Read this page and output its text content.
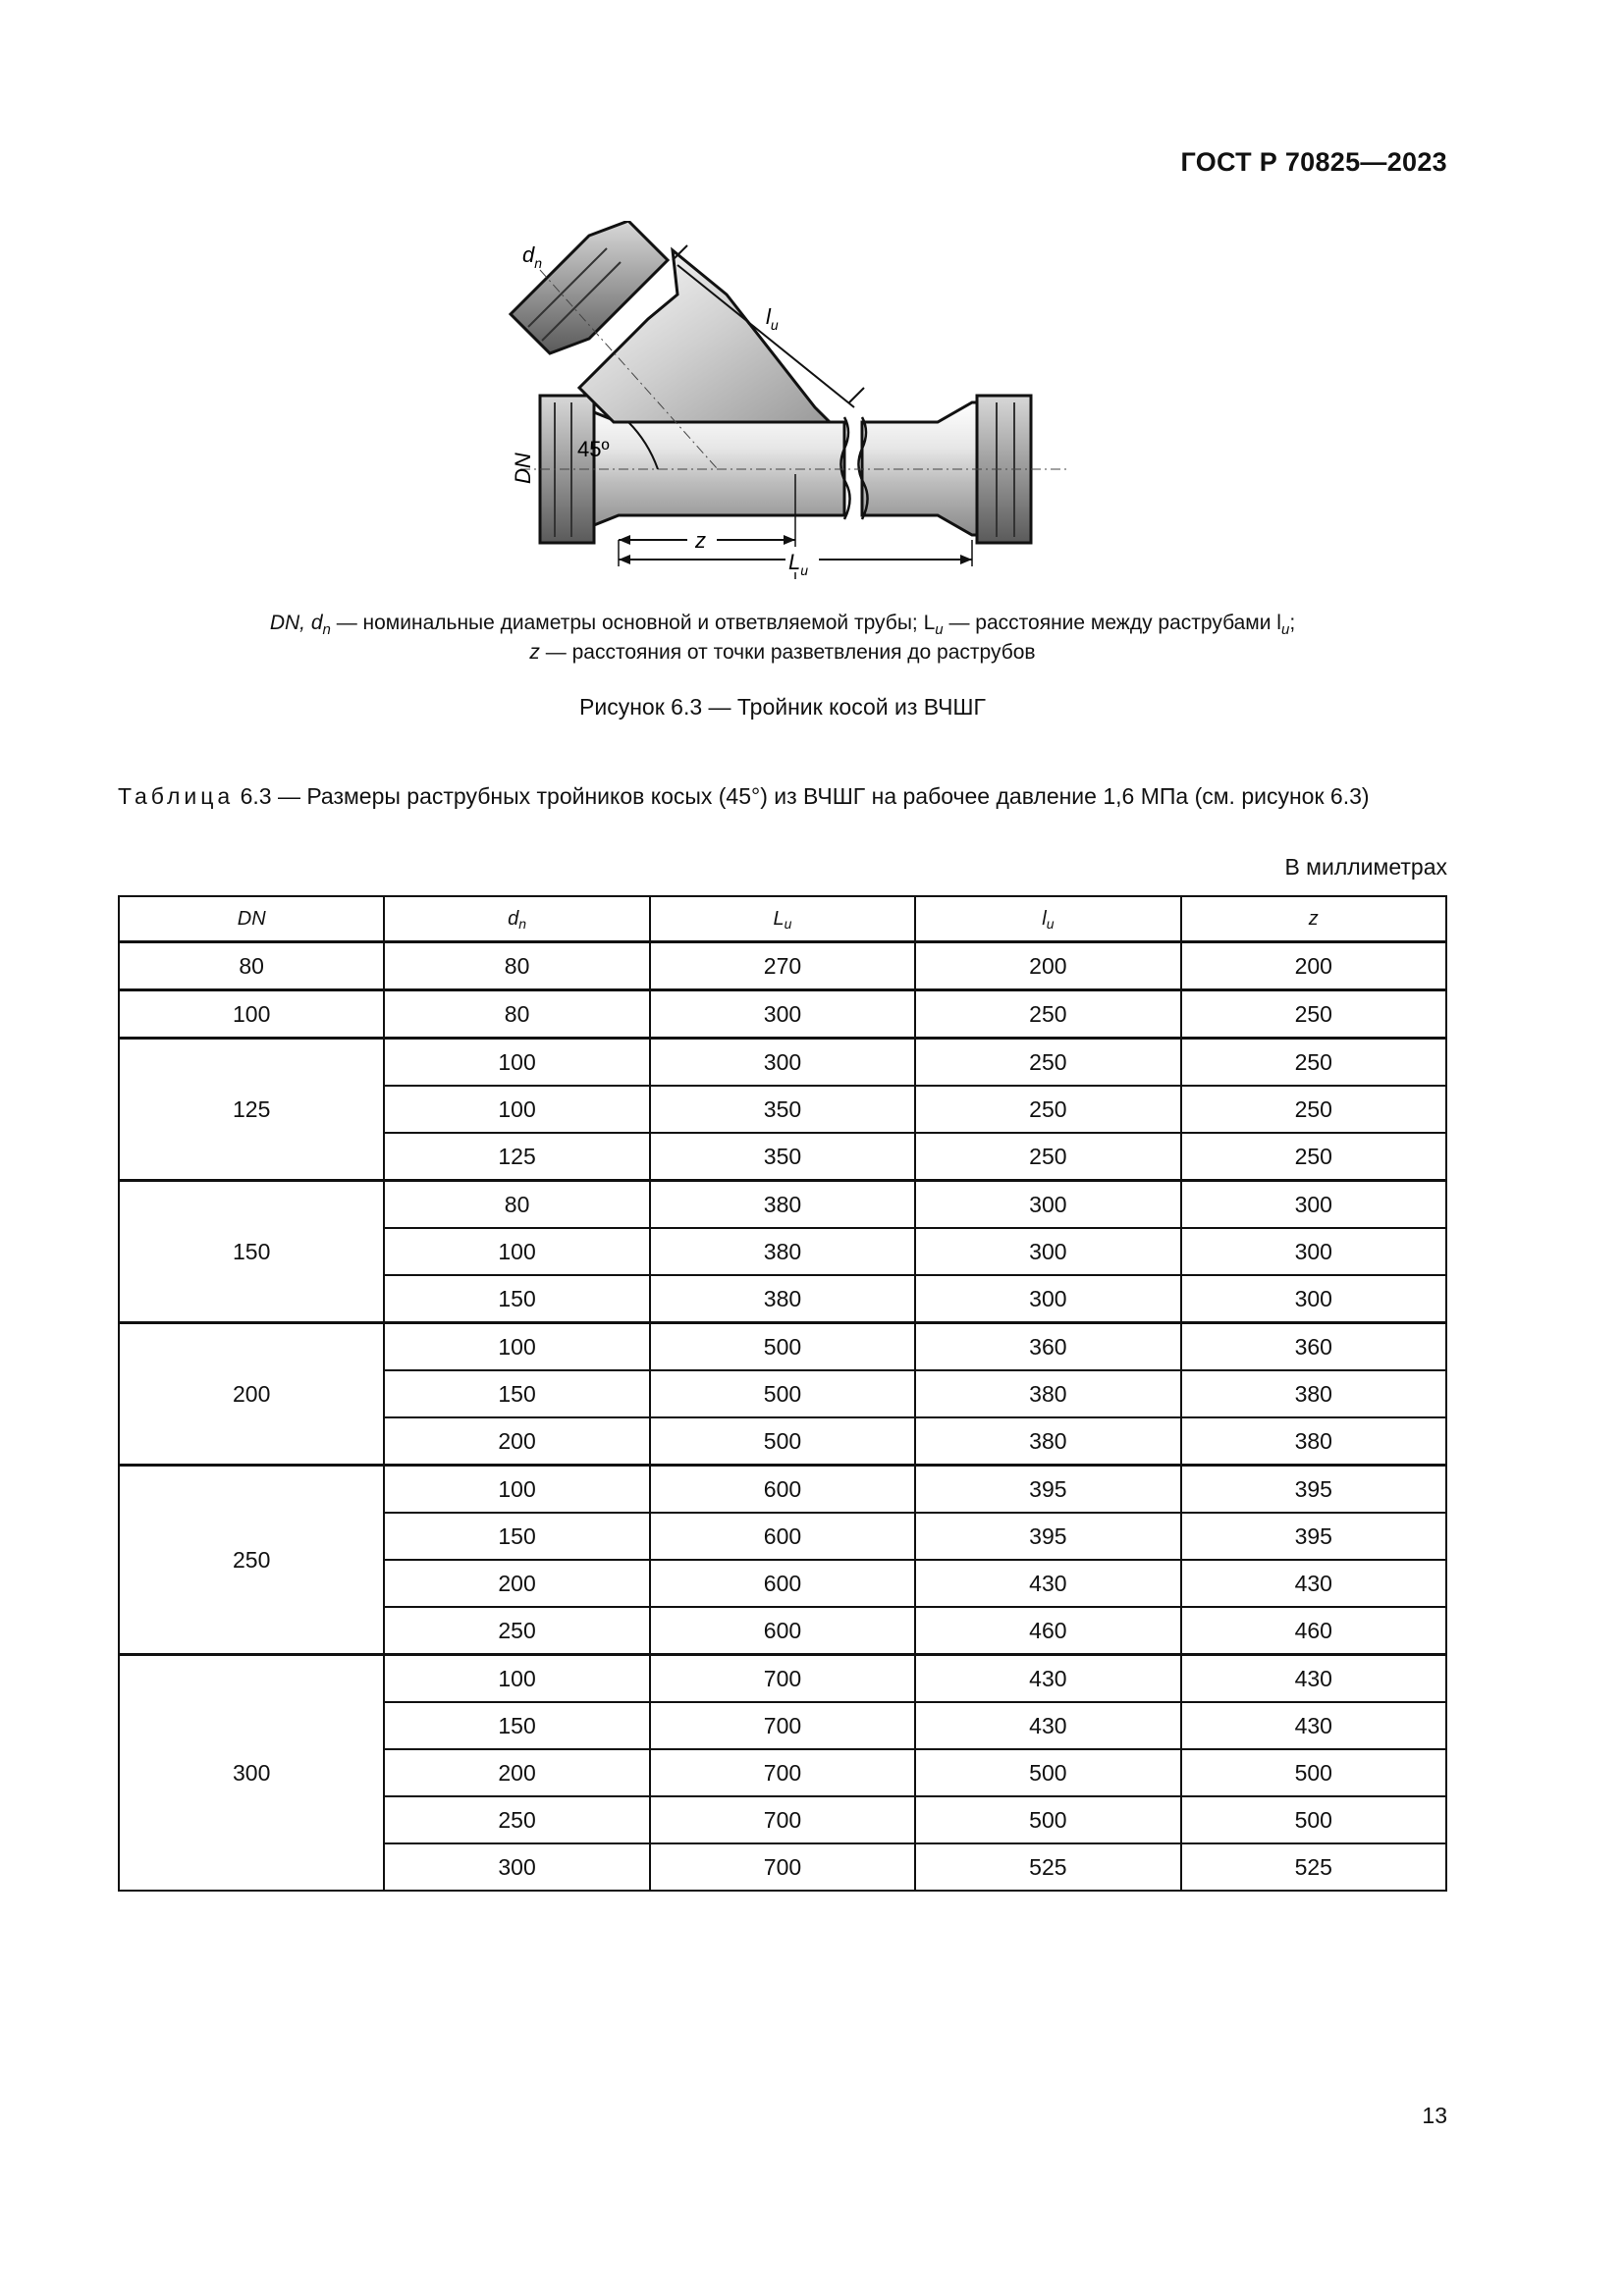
ГОСТ Р 70825—2023
45º
$l_u$
$d_n$
DN
z
$L_u$
DN, $d_n$ — номинальные диаметры основной и ответвляемой трубы; $L_u$ — расстояние между раструбами $l_u$;
z — расстояния от точки разветвления до раструбов
Рисунок 6.3 — Тройник косой из ВЧШГ
Таблица 6.3 — Размеры раструбных тройников косых (45°) из ВЧШГ на рабочее давление 1,6 МПа (см. рисунок 6.3)
В миллиметрах
DN	$d_n$	$L_u$	$l_u$	z
80	80	270	200	200
100	80	300	250	250
125	100	300	250	250
	100	350	250	250
	125	350	250	250
150	80	380	300	300
	100	380	300	300
	150	380	300	300
200	100	500	360	360
	150	500	380	380
	200	500	380	380
250	100	600	395	395
	150	600	395	395
	200	600	430	430
	250	600	460	460
300	100	700	430	430
	150	700	430	430
	200	700	500	500
	250	700	500	500
	300	700	525	525
13
